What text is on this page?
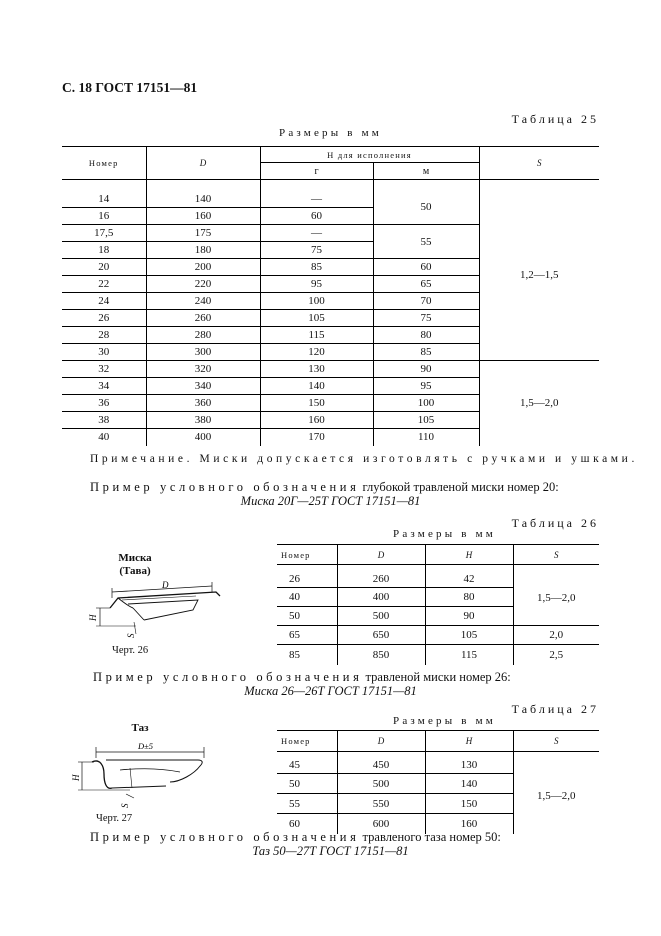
С. 18 ГОСТ 17151—81
Таблица 25
Размеры в мм
Номер	D	H для исполнения		S
		г	м	

14	140	—	50	1,2—1,5
16	160	60		
17,5	175	—	55	
18	180	75		
20	200	85	60	
22	220	95	65	
24	240	100	70	
26	260	105	75	
28	280	115	80	
30	300	120	85	
32	320	130	90	1,5—2,0
34	340	140	95	
36	360	150	100	
38	380	160	105	
40	400	170	110	
Примечание. Миски допускается изготовлять с ручками и ушками.
Пример условного обозначения глубокой травленой миски номер 20:
Миска 20Г—25Т ГОСТ 17151—81
Миска
(Тава)
D
H
S
Черт. 26
Таблица 26
Размеры в мм
Номер	D	H	S

26	260	42	1,5—2,0
40	400	80	
50	500	90	
65	650	105	2,0
85	850	115	2,5
Пример условного обозначения травленой миски номер 26:
Миска 26—26Т ГОСТ 17151—81
Таз
D±5
H
S
Черт. 27
Таблица 27
Размеры в мм
Номер	D	H	S

45	450	130	1,5—2,0
50	500	140	
55	550	150	
60	600	160	
Пример условного обозначения травленого таза номер 50:
Таз 50—27Т ГОСТ 17151—81
